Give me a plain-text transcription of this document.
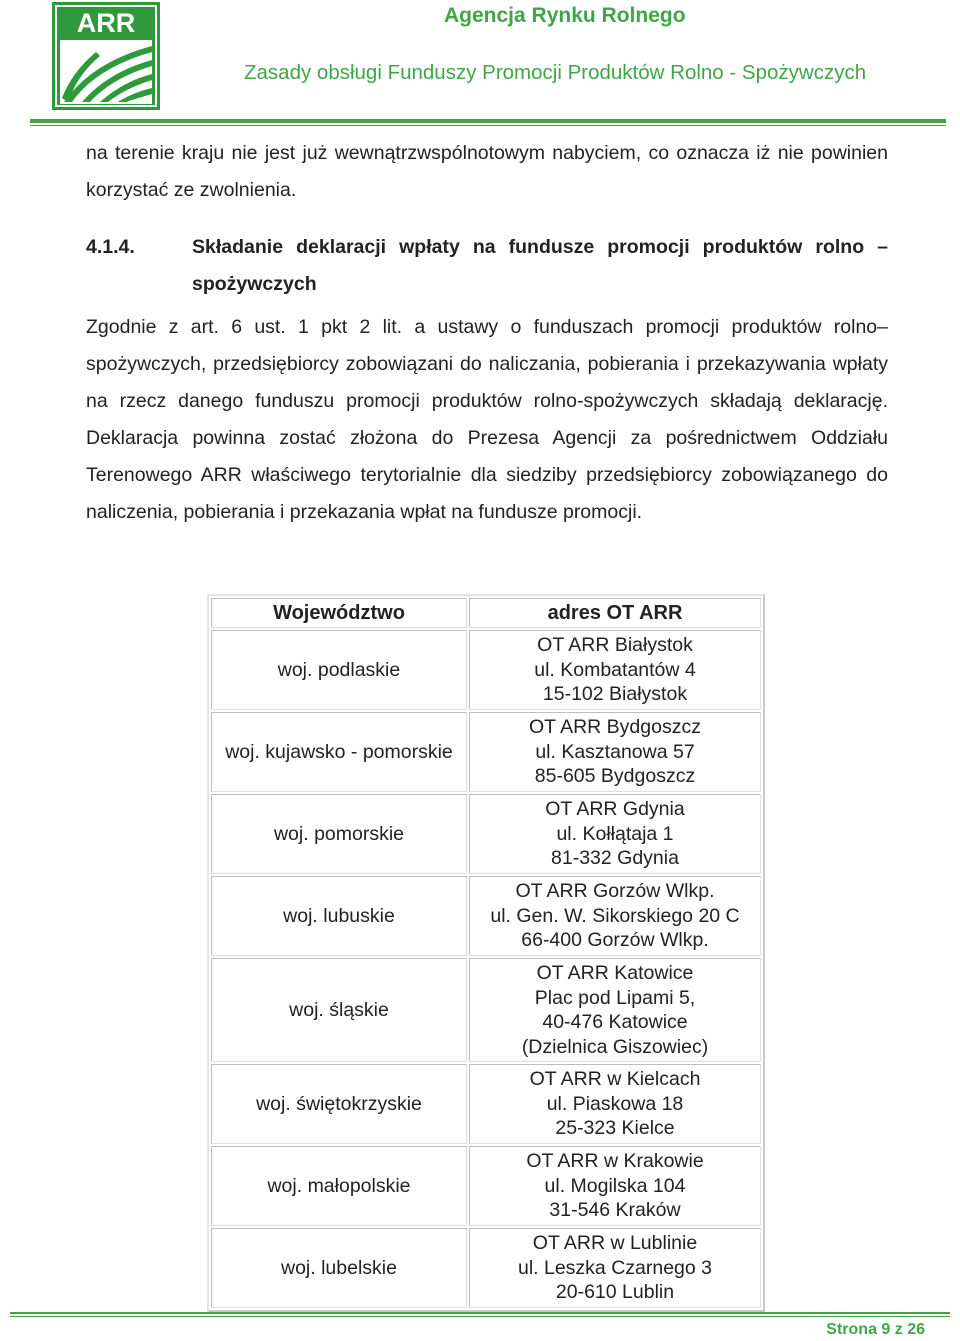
ARR	Agencja Rynku Rolnego
Zasady obsługi Funduszy Promocji Produktów Rolno - Spożywczych
na terenie kraju nie jest już wewnątrzwspólnotowym nabyciem, co oznacza iż nie powinien korzystać ze zwolnienia.
4.1.4.	Składanie deklaracji wpłaty na fundusze promocji produktów rolno – spożywczych
Zgodnie z art. 6 ust. 1 pkt 2 lit. a ustawy o funduszach promocji produktów rolno– spożywczych, przedsiębiorcy zobowiązani do naliczania, pobierania i przekazywania wpłaty na rzecz danego funduszu promocji produktów rolno-spożywczych składają deklarację. Deklaracja powinna zostać złożona do Prezesa Agencji za pośrednictwem Oddziału Terenowego ARR właściwego terytorialnie dla siedziby przedsiębiorcy zobowiązanego do naliczenia, pobierania i przekazania wpłat na fundusze promocji.
Województwo	adres OT ARR
woj. podlaskie	OT ARR Białystok
ul. Kombatantów 4
15-102 Białystok

woj. kujawsko - pomorskie	OT ARR Bydgoszcz
ul. Kasztanowa 57
85-605 Bydgoszcz

woj. pomorskie	OT ARR Gdynia
ul. Kołłątaja 1
81-332 Gdynia

woj. lubuskie	OT ARR Gorzów Wlkp.
ul. Gen. W. Sikorskiego 20 C
66-400 Gorzów Wlkp.

woj. śląskie	OT ARR Katowice
Plac pod Lipami 5,
40-476 Katowice
(Dzielnica Giszowiec)

woj. świętokrzyskie	OT ARR w Kielcach
ul. Piaskowa 18
25-323 Kielce

woj. małopolskie	OT ARR w Krakowie
ul. Mogilska 104
31-546 Kraków

woj. lubelskie	OT ARR w Lublinie
ul. Leszka Czarnego 3
20-610 Lublin
Strona 9 z 26
